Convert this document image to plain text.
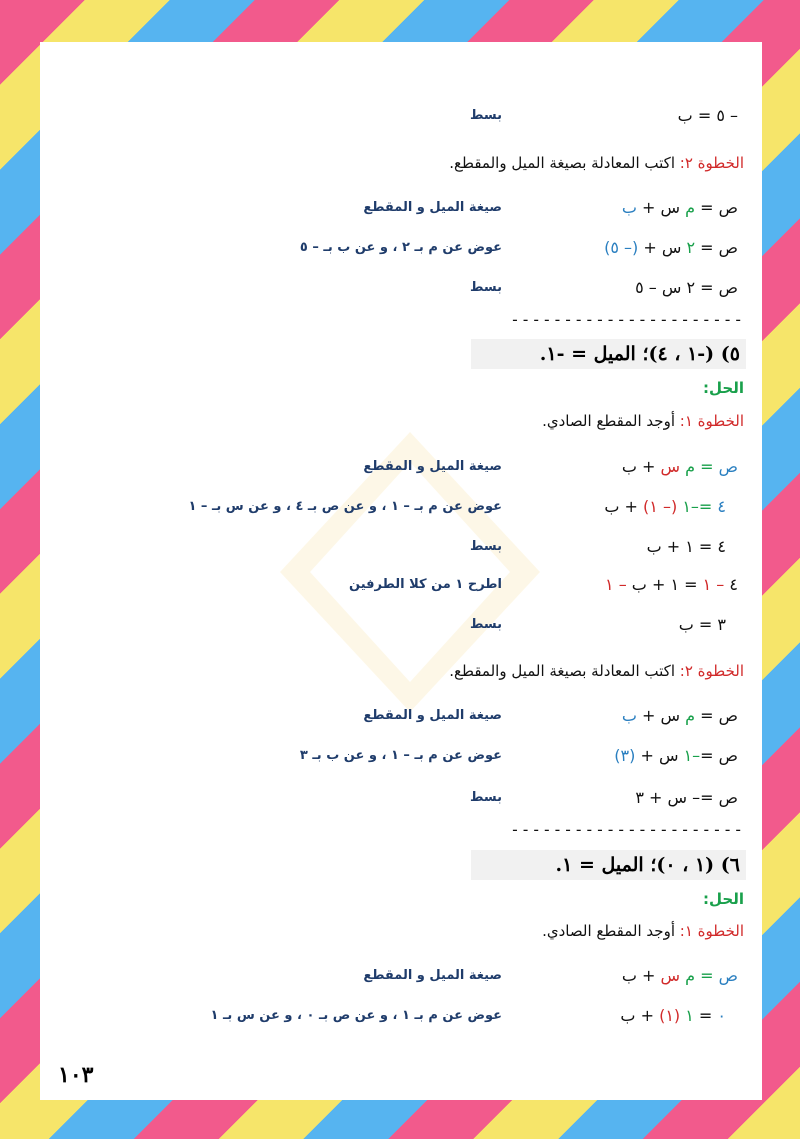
– ٥ = ب
بسط
الخطوة ٢: اكتب المعادلة بصيغة الميل والمقطع.
ص = م س + ب
صيغة الميل و المقطع
ص = ٢ س + (– ٥)
عوض عن م بـ ٢ ، و عن ب بـ – ٥
ص = ٢ س – ٥
بسط
----------------------
٥) (-١ ، ٤)؛ الميل = -١.
الحل:
الخطوة ١: أوجد المقطع الصادي.
ص = م س + ب
صيغة الميل و المقطع
٤ =–١ (– ١) + ب
عوض عن م بـ – ١ ، و عن ص بـ ٤ ، و عن س بـ – ١
٤ = ١ + ب
بسط
٤ – ١ = ١ + ب – ١
اطرح ١ من كلا الطرفين
٣ = ب
بسط
الخطوة ٢: اكتب المعادلة بصيغة الميل والمقطع.
ص = م س + ب
صيغة الميل و المقطع
ص =–١ س + (٣)
عوض عن م بـ – ١ ، و عن ب بـ ٣
ص =– س + ٣
بسط
----------------------
٦) (١ ، ٠)؛ الميل = ١.
الحل:
الخطوة ١: أوجد المقطع الصادي.
ص = م س + ب
صيغة الميل و المقطع
٠ = ١ (١) + ب
عوض عن م بـ ١ ، و عن ص بـ ٠ ، و عن س بـ ١
١٠٣
